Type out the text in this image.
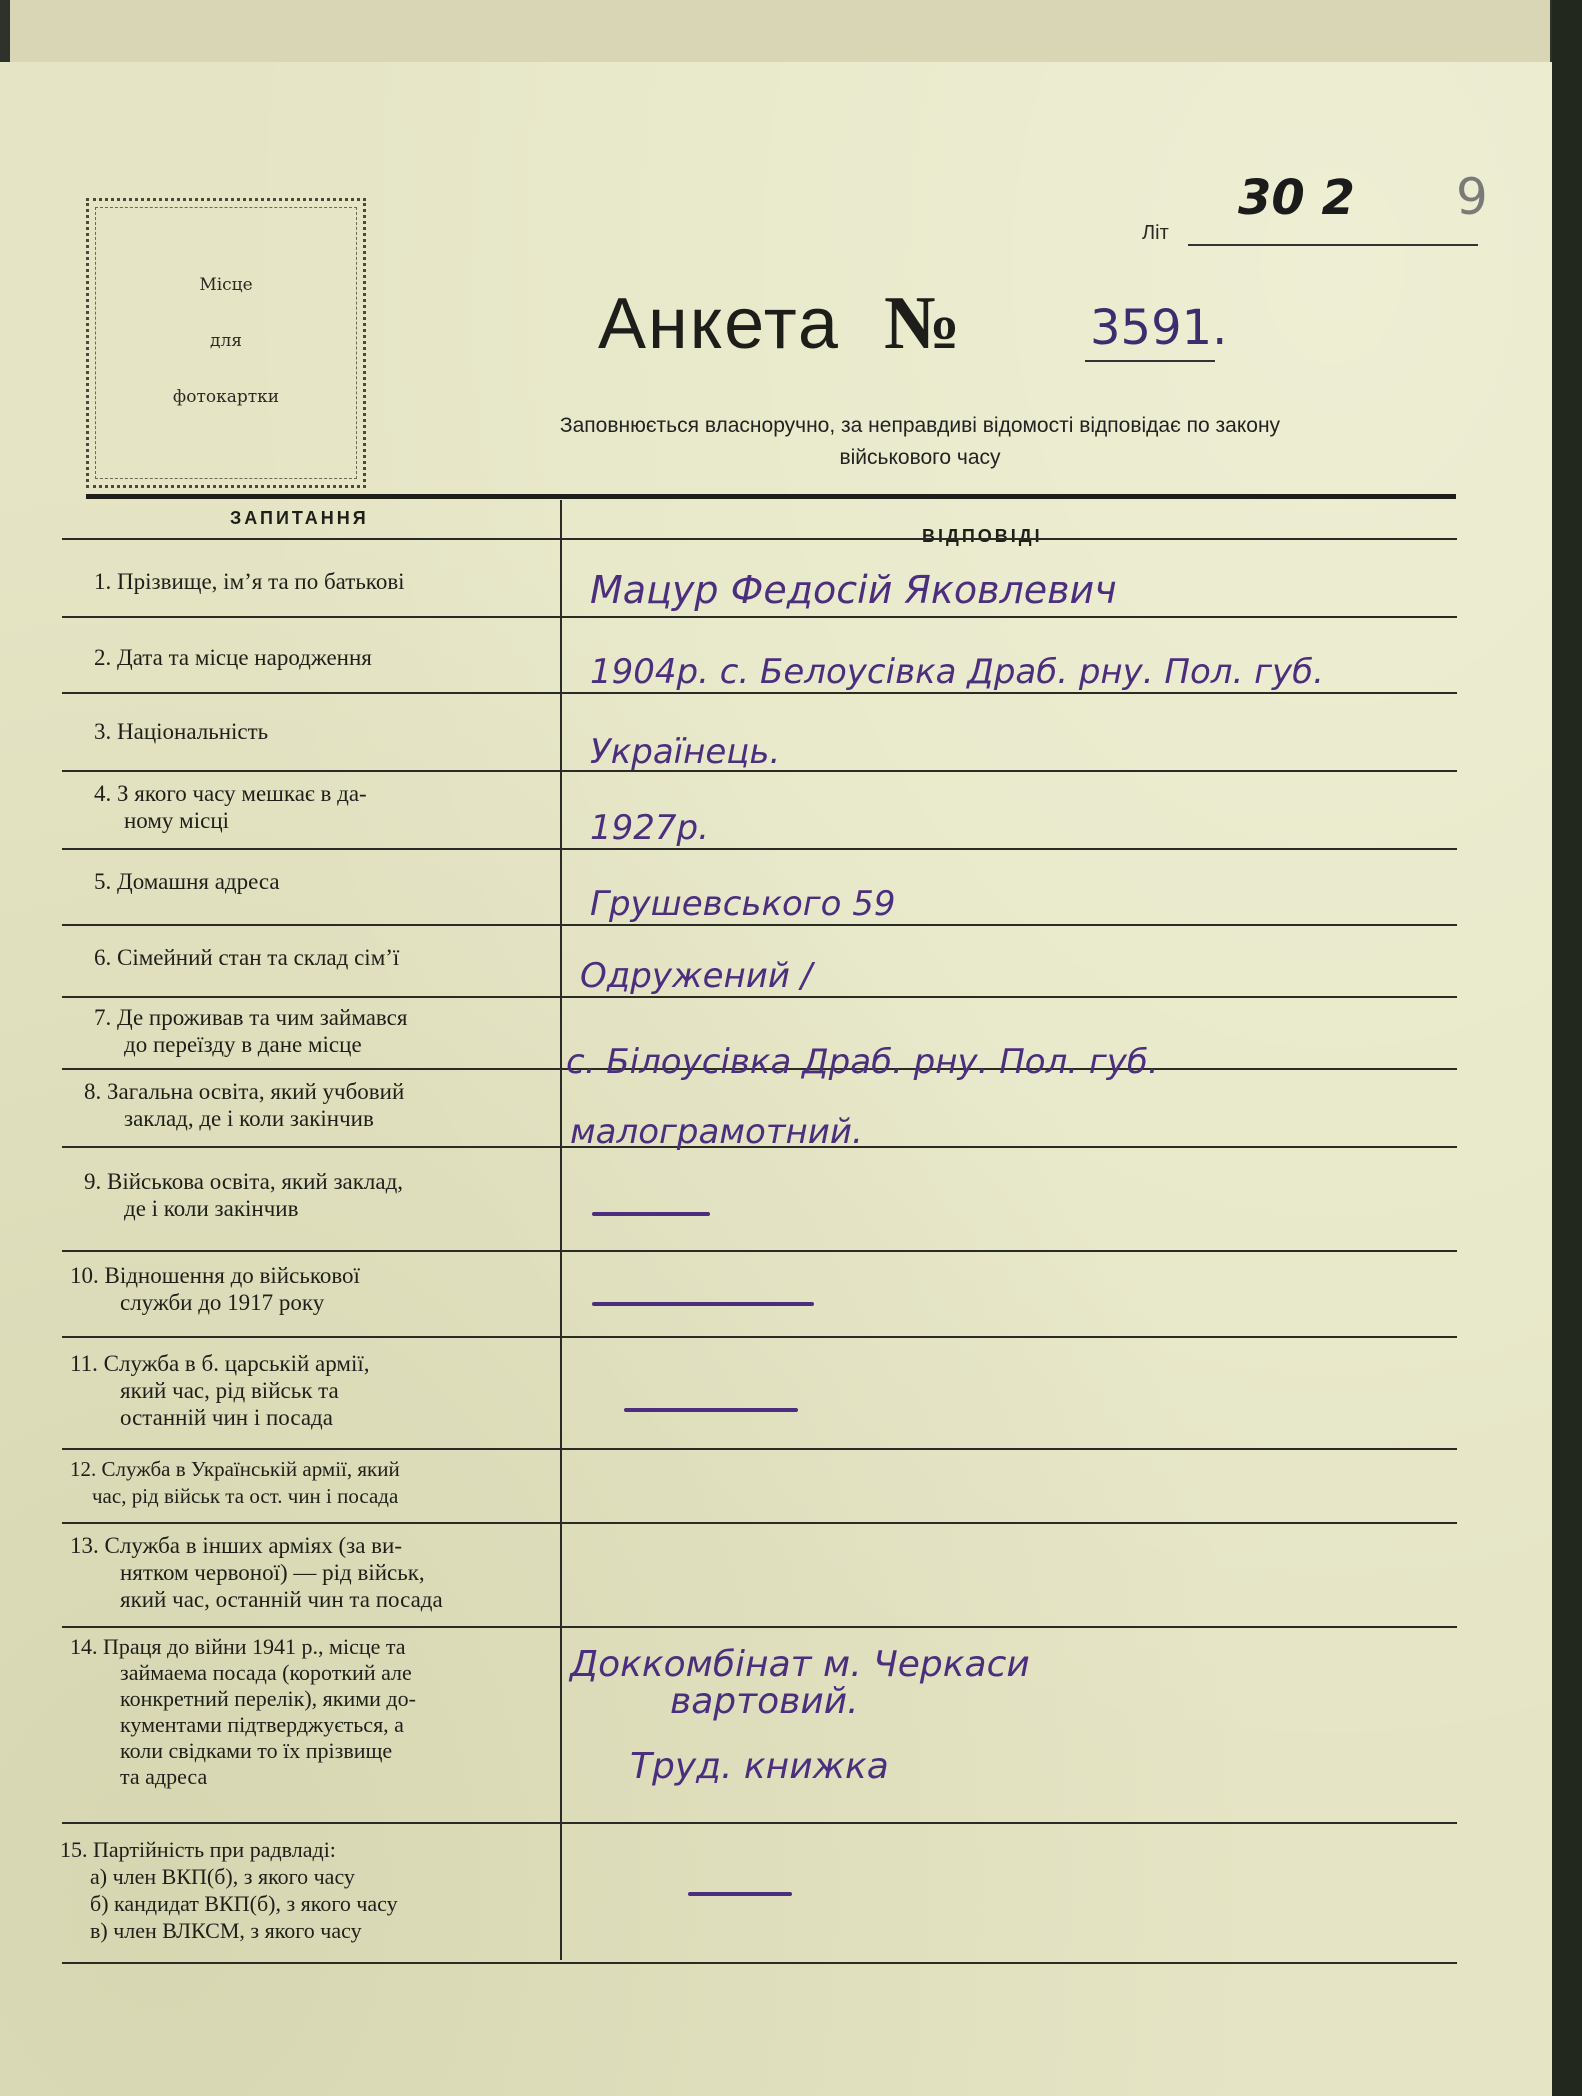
Місце
для
фотокартки
Літ
30 2 9
Анкета №	3591.
Заповнюється власноручно, за неправдиві відомості відповідає по закону
військового часу
ЗАПИТАННЯ
ВІДПОВІДІ
1. Прізвище, ім’я та по батькові
2. Дата та місце народження
3. Національність
4. З якого часу мешкає в да-
ному місці
5. Домашня адреса
6. Сімейний стан та склад сім’ї
7. Де проживав та чим займався
до переїзду в дане місце
8. Загальна освіта, який учбовий
заклад, де і коли закінчив
9. Військова освіта, який заклад,
де і коли закінчив
10. Відношення до військової
служби до 1917 року
11. Служба в б. царській армії,
який час, рід військ та
останній чин і посада
12. Служба в Українській армії, який
час, рід військ та ост. чин і посада
13. Служба в інших арміях (за ви-
нятком червоної) — рід військ,
який час, останній чин та посада
14. Праця до війни 1941 р., місце та
займаема посада (короткий але
конкретний перелік), якими до-
кументами підтверджується, а
коли свідками то їх прізвище
та адреса
15. Партійність при радвладі:
а) член ВКП(б), з якого часу
б) кандидат ВКП(б), з якого часу
в) член ВЛКСМ, з якого часу
Мацур Федосій Яковлевич
1904р. с. Белоусівка Драб. рну. Пол. губ.
Українець.
1927р.
Грушевського 59
Одружений /
с. Білоусівка Драб. рну. Пол. губ.
малограмотний.
Доккомбінат м. Черкаси
вартовий.
Труд. книжка
